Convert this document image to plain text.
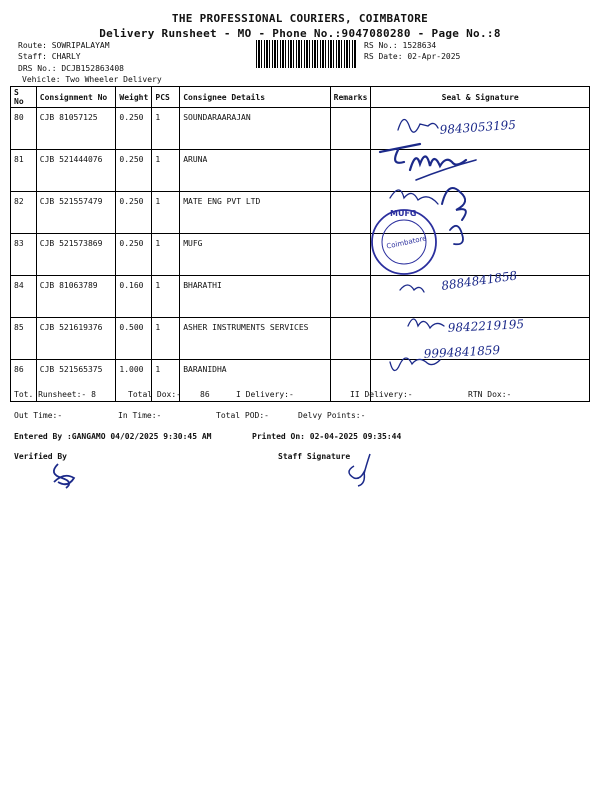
THE PROFESSIONAL COURIERS, COIMBATORE
Delivery Runsheet - MO - Phone No.:9047080280 - Page No.:8
Route: SOWRIPALAYAM
Staff: CHARLY
DRS No.: DCJB152863408
Vehicle: Two Wheeler Delivery
RS No.: 1528634
RS Date: 02-Apr-2025
S No	Consignment No	Weight	PCS	Consignee Details	Remarks	Seal & Signature
80	CJB 81057125	0.250	1	SOUNDARAARAJAN		
81	CJB 521444076	0.250	1	ARUNA		
82	CJB 521557479	0.250	1	MATE ENG PVT LTD		
83	CJB 521573869	0.250	1	MUFG		
84	CJB 81063789	0.160	1	BHARATHI		
85	CJB 521619376	0.500	1	ASHER INSTRUMENTS SERVICES		
86	CJB 521565375	1.000	1	BARANIDHA		
9843053195
Coimbatore
MUFG
8884841858
9842219195
9994841859
Tot. Runsheet:- 8	Total Dox:- 86	I Delivery:-	II Delivery:-	RTN Dox:-
Out Time:-	In Time:-	Total POD:-	Delvy Points:-
Entered By :GANGAMO 04/02/2025 9:30:45 AM	Printed On: 02-04-2025 09:35:44
Verified By	Staff Signature
